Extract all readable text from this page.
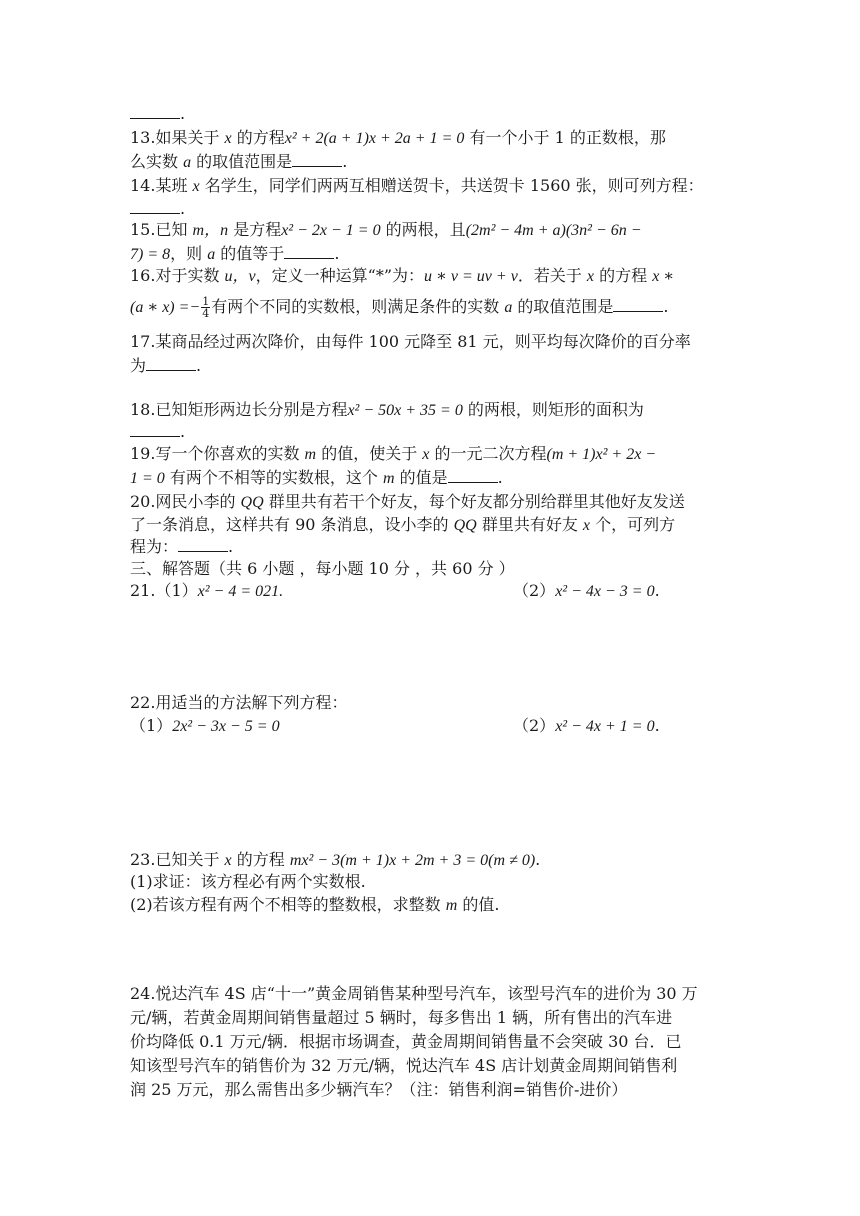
.
13.如果关于 x 的方程x² + 2(a + 1)x + 2a + 1 = 0 有一个小于 1 的正数根，那
么实数 a 的取值范围是	.
14.某班 x 名学生，同学们两两互相赠送贺卡，共送贺卡 1560 张，则可列方程：
.
15.已知 m，n 是方程x² − 2x − 1 = 0 的两根，且(2m² − 4m + a)(3n² − 6n −
7) = 8，则 a 的值等于	.
16.对于实数 u，v，定义一种运算“*”为：u ∗ v = uv + v．若关于 x 的方程 x ∗
(a ∗ $x) =- \frac{1}{4}$ 有两个不同的实数根，则满足条件的实数 a 的取值范围是	.
17.某商品经过两次降价，由每件 100 元降至 81 元，则平均每次降价的百分率
为	.
18.已知矩形两边长分别是方程x² − 50x + 35 = 0 的两根，则矩形的面积为
.
19.写一个你喜欢的实数 m 的值，使关于 x 的一元二次方程(m + 1)x² + 2x −
1 = 0 有两个不相等的实数根，这个 m 的值是	.
20.网民小李的 QQ 群里共有若干个好友，每个好友都分别给群里其他好友发送
了一条消息，这样共有 90 条消息，设小李的 QQ 群里共有好友 x 个，可列方
程为：	.
三、解答题（共 6 小题 ，每小题 10 分 ，共 60 分 ）
21.（1）x² − 4 = 021.	（2）x² − 4x − 3 = 0.
22.用适当的方法解下列方程：
（1）2x² − 3x − 5 = 0	（2）x² − 4x + 1 = 0.
23.已知关于 x 的方程 mx² − 3(m + 1)x + 2m + 3 = 0(m ≠ 0).
(1)求证：该方程必有两个实数根.
(2)若该方程有两个不相等的整数根，求整数 m 的值.
24.悦达汽车 4S 店“十一”黄金周销售某种型号汽车，该型号汽车的进价为 30 万
元/辆，若黄金周期间销售量超过 5 辆时，每多售出 1 辆，所有售出的汽车进
价均降低 0.1 万元/辆．根据市场调查，黄金周期间销售量不会突破 30 台．已
知该型号汽车的销售价为 32 万元/辆，悦达汽车 4S 店计划黄金周期间销售利
润 25 万元，那么需售出多少辆汽车？（注：销售利润=销售价-进价）
